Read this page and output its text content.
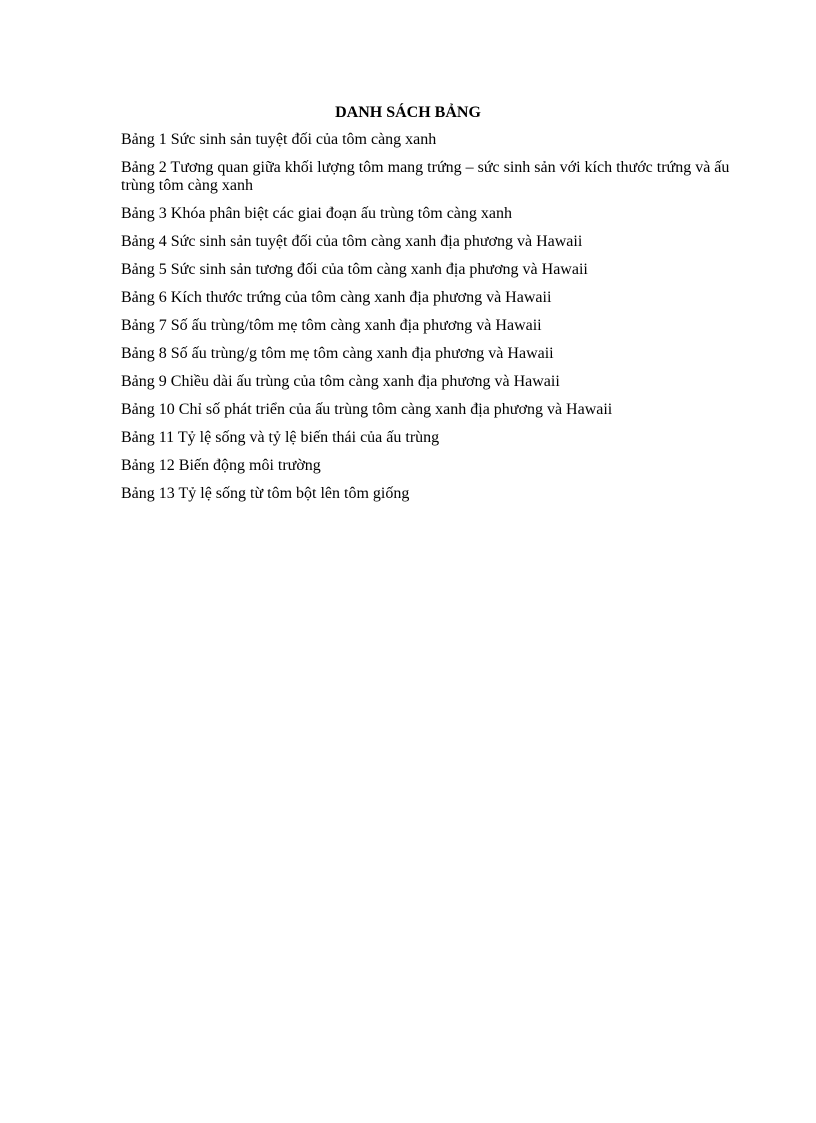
DANH SÁCH BẢNG
Bảng 1 Sức sinh sản tuyệt đối của tôm càng xanh
Bảng 2 Tương quan giữa khối lượng tôm mang trứng – sức sinh sản với kích thước trứng và ấu trùng tôm càng xanh
Bảng 3 Khóa phân biệt các giai đoạn ấu trùng tôm càng xanh
Bảng 4 Sức sinh sản tuyệt đối của tôm càng xanh địa phương và Hawaii
Bảng 5 Sức sinh sản tương đối của tôm càng xanh địa phương và Hawaii
Bảng 6 Kích thước trứng của tôm càng xanh địa phương và Hawaii
Bảng 7 Số ấu trùng/tôm mẹ tôm càng xanh địa phương và Hawaii
Bảng 8 Số ấu trùng/g tôm mẹ tôm càng xanh địa phương và Hawaii
Bảng 9 Chiều dài ấu trùng của tôm càng xanh địa phương và Hawaii
Bảng 10 Chỉ số phát triển của ấu trùng tôm càng xanh địa phương và Hawaii
Bảng 11 Tỷ lệ sống và tỷ lệ biến thái của ấu trùng
Bảng 12 Biến động môi trường
Bảng 13 Tỷ lệ sống từ tôm bột lên tôm giống
